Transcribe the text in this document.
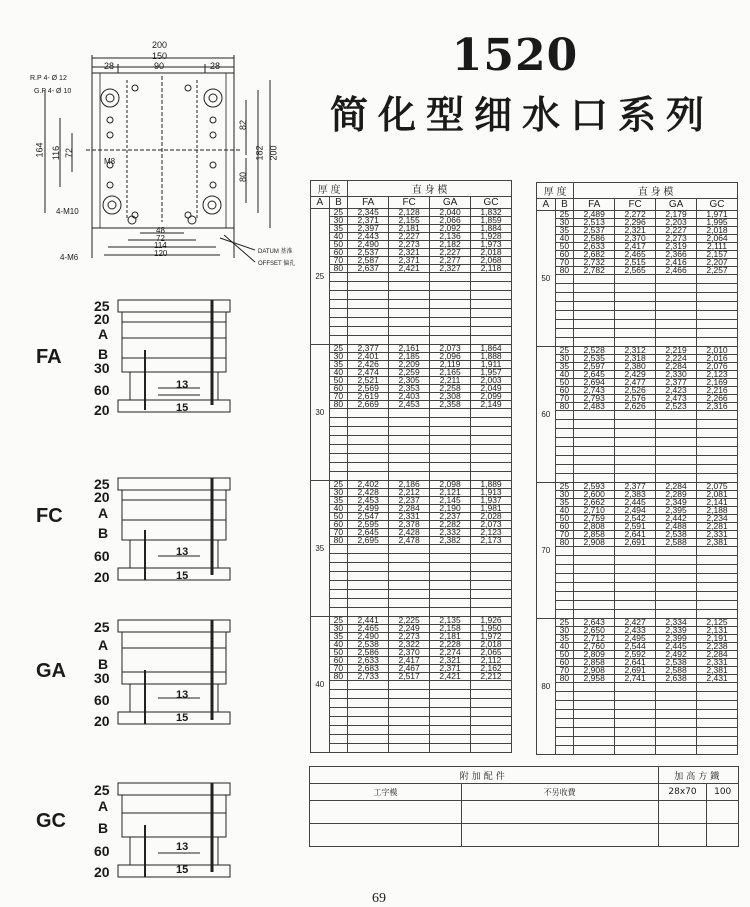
1520
简化型细水口系列
200
150
28	90	28
R.P 4- Ø 12
G.P 4- Ø 10
164 116 72
M8
4-M10
4-M6
82
80
182 200
48
72
114
120	DATUM 基淮
OFFSET 偏孔
FA
25
20
A
B
30
60
20
13
15
FC
25
20
A
B
60
20
13
15
GA
25
A
B
30
60
20
13
15
GC
25
A
B
60
20
13
15
厚 度		直 身 模			
A	B	FA	FC	GA	GC
25	25	2,345	2,128	2,040	1,832
	30	2,371	2,155	2,066	1,859
	35	2,397	2,181	2,092	1,884
	40	2,443	2,227	2,136	1,928
	50	2,490	2,273	2,182	1,973
	60	2,537	2,321	2,227	2,018
	70	2,587	2,371	2,277	2,068
	80	2,637	2,421	2,327	2,118

30	25	2,377	2,161	2,073	1,864
	30	2,401	2,185	2,096	1,888
	35	2,426	2,209	2,119	1,911
	40	2,474	2,259	2,165	1,957
	50	2,521	2,305	2,211	2,003
	60	2,569	2,353	2,258	2,049
	70	2,619	2,403	2,308	2,099
	80	2,669	2,453	2,358	2,149

35	25	2,402	2,186	2,098	1,889
	30	2,428	2,212	2,121	1,913
	35	2,453	2,237	2,145	1,937
	40	2,499	2,284	2,190	1,981
	50	2,547	2,331	2,237	2,028
	60	2,595	2,378	2,282	2,073
	70	2,645	2,428	2,332	2,123
	80	2,695	2,478	2,382	2,173

40	25	2,441	2,225	2,135	1,926
	30	2,465	2,249	2,158	1,950
	35	2,490	2,273	2,181	1,972
	40	2,538	2,322	2,228	2,018
	50	2,586	2,370	2,274	2,065
	60	2,633	2,417	2,321	2,112
	70	2,683	2,467	2,371	2,162
	80	2,733	2,517	2,421	2,212

厚 度		直 身 模			
A	B	FA	FC	GA	GC
50	25	2,489	2,272	2,179	1,971
	30	2,513	2,296	2,203	1,995
	35	2,537	2,321	2,227	2,018
	40	2,586	2,370	2,273	2,064
	50	2,633	2,417	2,319	2,111
	60	2,682	2,465	2,366	2,157
	70	2,732	2,515	2,416	2,207
	80	2,782	2,565	2,466	2,257

60	25	2,528	2,312	2,219	2,010
	30	2,535	2,318	2,224	2,016
	35	2,597	2,380	2,284	2,076
	40	2,645	2,429	2,330	2,123
	50	2,694	2,477	2,377	2,169
	60	2,743	2,526	2,423	2,216
	70	2,793	2,576	2,473	2,266
	80	2,483	2,626	2,523	2,316

70	25	2,593	2,377	2,284	2,075
	30	2,600	2,383	2,289	2,081
	35	2,662	2,445	2,349	2,141
	40	2,710	2,494	2,395	2,188
	50	2,759	2,542	2,442	2,234
	60	2,808	2,591	2,488	2,281
	70	2,858	2,641	2,538	2,331
	80	2,908	2,691	2,588	2,381

80	25	2,643	2,427	2,334	2,125
	30	2,650	2,433	2,339	2,131
	35	2,712	2,495	2,399	2,191
	40	2,760	2,544	2,445	2,238
	50	2,809	2,592	2,492	2,284
	60	2,858	2,641	2,538	2,331
	70	2,908	2,691	2,588	2,381
	80	2,958	2,741	2,638	2,431

附加配件		加高方鐵	
工字模	不另收費	28x70	100

69
